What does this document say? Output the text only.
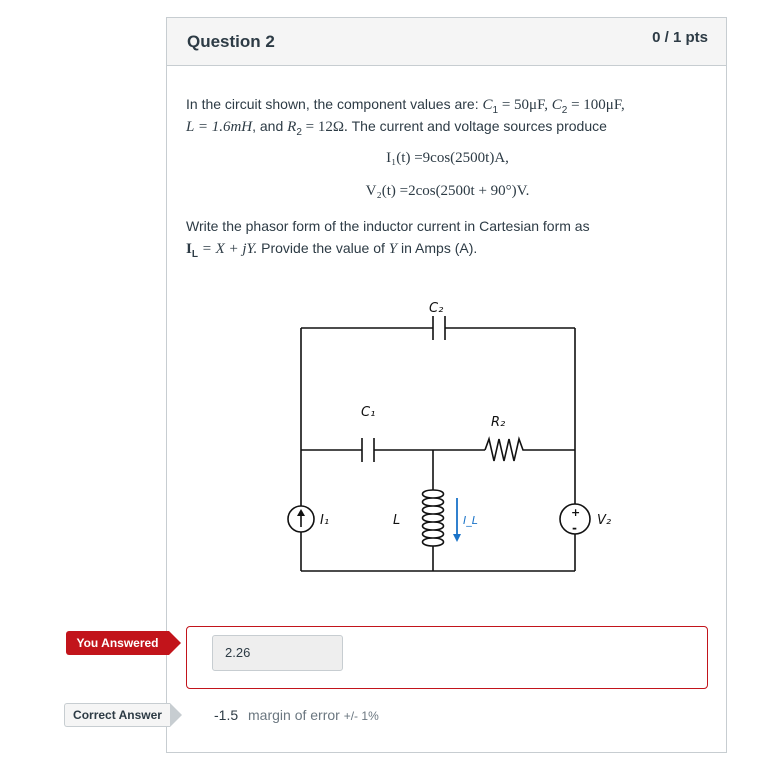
Question 2	0 / 1 pts
In the circuit shown, the component values are: $C_1 = 50\mu F$, $C_2 = 100\mu F$,
L = 1.6mH, and $R_2 = 12\Omega$. The current and voltage sources produce
I₁(t) =9cos(2500t)A,
V₂(t) =2cos(2500t + 90°)V.
Write the phasor form of the inductor current in Cartesian form as
$I_L = X$ + jY. Provide the value of Y in Amps (A).
C₂
C₁
R₂
I₁	L	I_L	V₂
+
-
You Answered
2.26
Correct Answer	-1.5 margin of error +/- 1%
